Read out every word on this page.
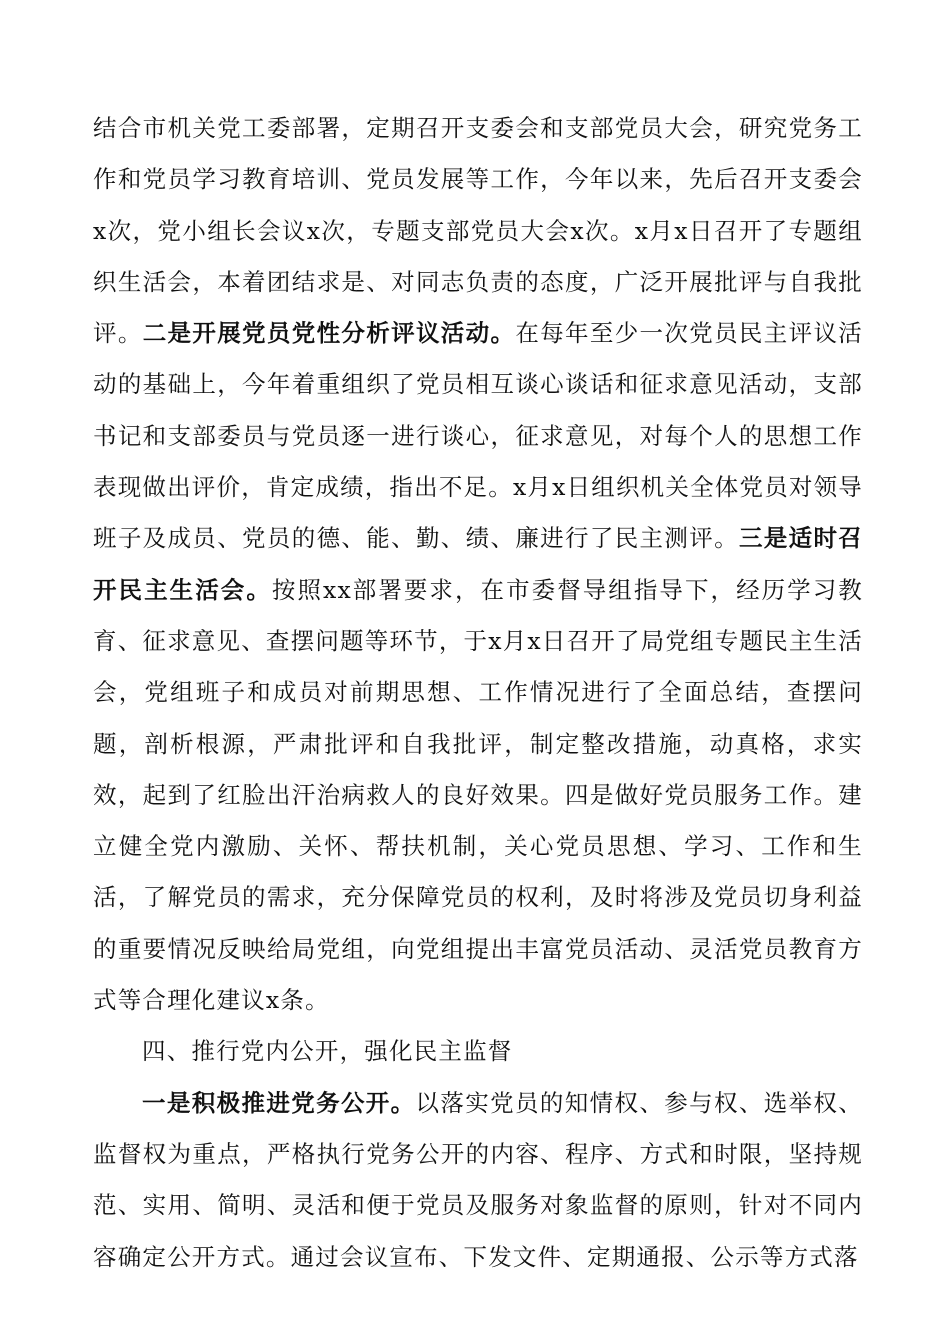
结合市机关党工委部署，定期召开支委会和支部党员大会，研究党务工作和党员学习教育培训、党员发展等工作，今年以来，先后召开支委会x次，党小组长会议x次，专题支部党员大会x次。x月x日召开了专题组织生活会，本着团结求是、对同志负责的态度，广泛开展批评与自我批评。二是开展党员党性分析评议活动。在每年至少一次党员民主评议活动的基础上，今年着重组织了党员相互谈心谈话和征求意见活动，支部书记和支部委员与党员逐一进行谈心，征求意见，对每个人的思想工作表现做出评价，肯定成绩，指出不足。x月x日组织机关全体党员对领导班子及成员、党员的德、能、勤、绩、廉进行了民主测评。三是适时召开民主生活会。按照xx部署要求，在市委督导组指导下，经历学习教育、征求意见、查摆问题等环节，于x月x日召开了局党组专题民主生活会，党组班子和成员对前期思想、工作情况进行了全面总结，查摆问题，剖析根源，严肃批评和自我批评，制定整改措施，动真格，求实效，起到了红脸出汗治病救人的良好效果。四是做好党员服务工作。建立健全党内激励、关怀、帮扶机制，关心党员思想、学习、工作和生活，了解党员的需求，充分保障党员的权利，及时将涉及党员切身利益的重要情况反映给局党组，向党组提出丰富党员活动、灵活党员教育方式等合理化建议x条。

四、推行党内公开，强化民主监督

一是积极推进党务公开。以落实党员的知情权、参与权、选举权、监督权为重点，严格执行党务公开的内容、程序、方式和时限，坚持规范、实用、简明、灵活和便于党员及服务对象监督的原则，针对不同内容确定公开方式。通过会议宣布、下发文件、定期通报、公示等方式落
